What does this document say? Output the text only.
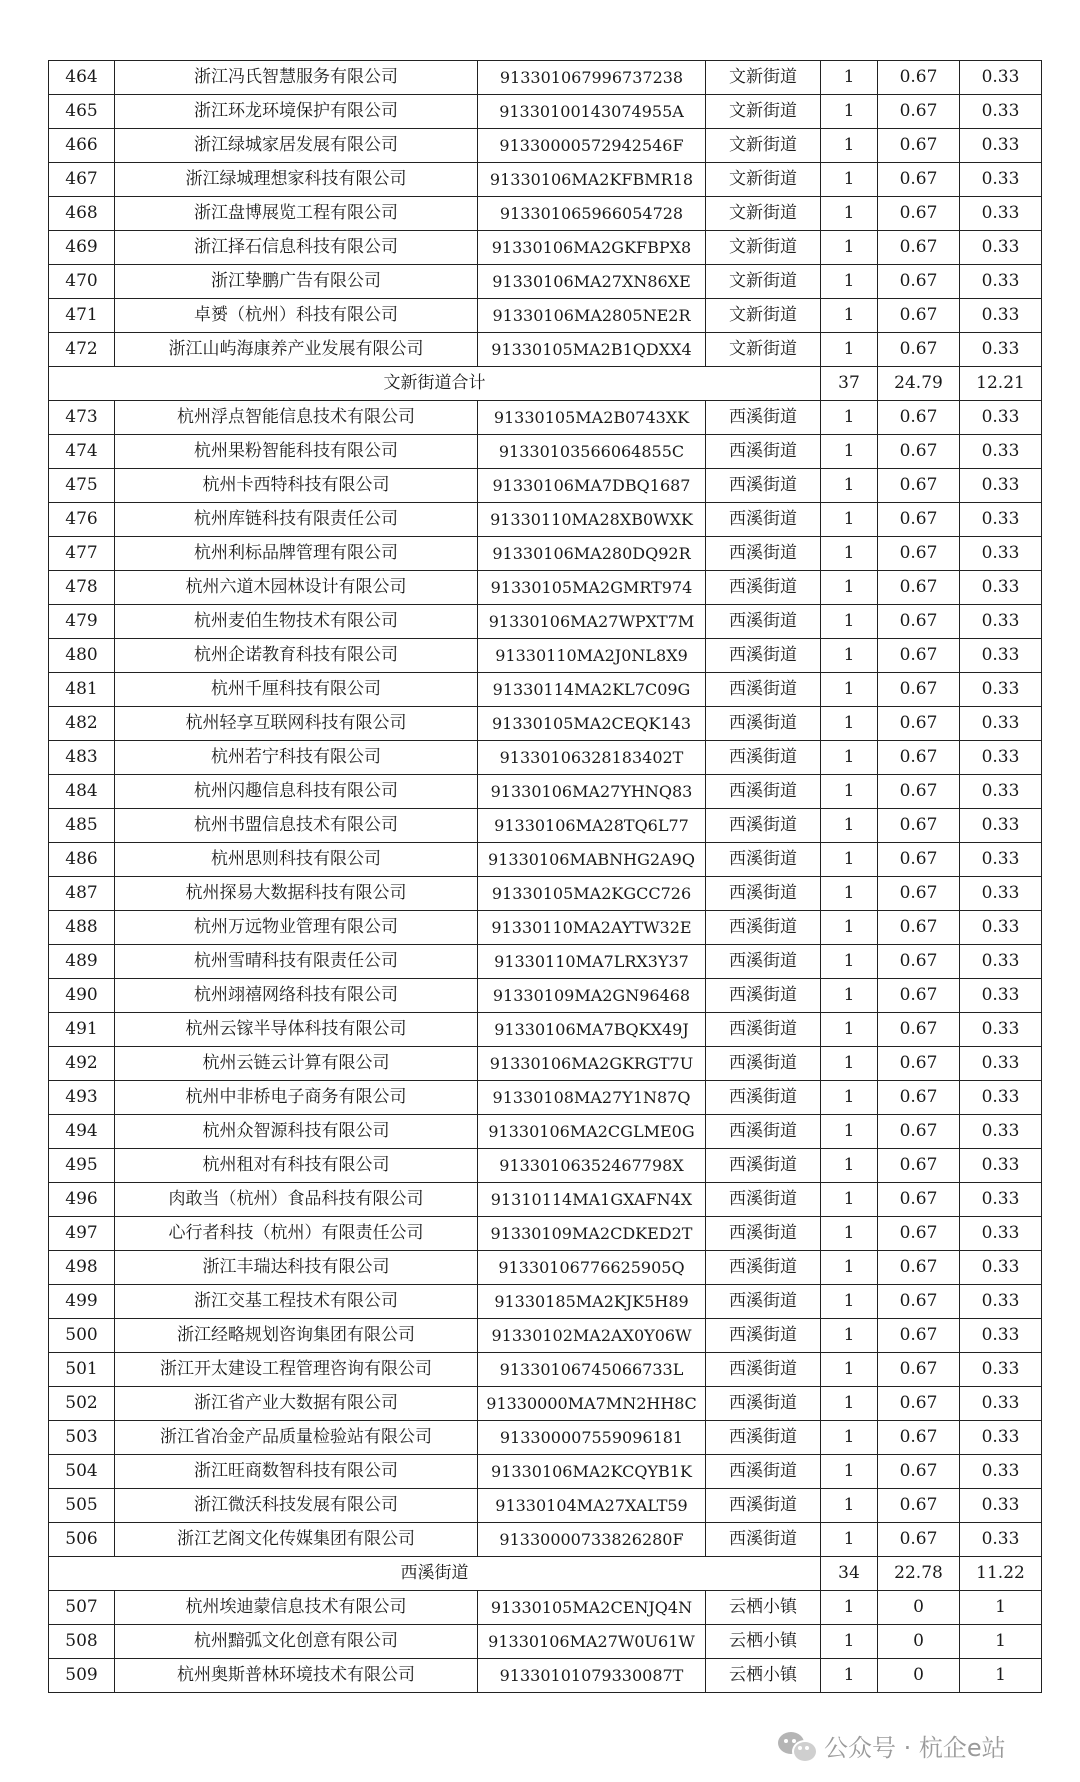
464	浙江冯氏智慧服务有限公司	913301067996737238	文新街道	1	0.67	0.33
465	浙江环龙环境保护有限公司	91330100143074955A	文新街道	1	0.67	0.33
466	浙江绿城家居发展有限公司	91330000572942546F	文新街道	1	0.67	0.33
467	浙江绿城理想家科技有限公司	91330106MA2KFBMR18	文新街道	1	0.67	0.33
468	浙江盘博展览工程有限公司	913301065966054728	文新街道	1	0.67	0.33
469	浙江择石信息科技有限公司	91330106MA2GKFBPX8	文新街道	1	0.67	0.33
470	浙江挚鹏广告有限公司	91330106MA27XN86XE	文新街道	1	0.67	0.33
471	卓赟（杭州）科技有限公司	91330106MA2805NE2R	文新街道	1	0.67	0.33
472	浙江山屿海康养产业发展有限公司	91330105MA2B1QDXX4	文新街道	1	0.67	0.33
文新街道合计				37	24.79	12.21
473	杭州浮点智能信息技术有限公司	91330105MA2B0743XK	西溪街道	1	0.67	0.33
474	杭州果粉智能科技有限公司	91330103566064855C	西溪街道	1	0.67	0.33
475	杭州卡西特科技有限公司	91330106MA7DBQ1687	西溪街道	1	0.67	0.33
476	杭州库链科技有限责任公司	91330110MA28XB0WXK	西溪街道	1	0.67	0.33
477	杭州利标品牌管理有限公司	91330106MA280DQ92R	西溪街道	1	0.67	0.33
478	杭州六道木园林设计有限公司	91330105MA2GMRT974	西溪街道	1	0.67	0.33
479	杭州麦伯生物技术有限公司	91330106MA27WPXT7M	西溪街道	1	0.67	0.33
480	杭州企诺教育科技有限公司	91330110MA2J0NL8X9	西溪街道	1	0.67	0.33
481	杭州千厘科技有限公司	91330114MA2KL7C09G	西溪街道	1	0.67	0.33
482	杭州轻享互联网科技有限公司	91330105MA2CEQK143	西溪街道	1	0.67	0.33
483	杭州若宁科技有限公司	91330106328183402T	西溪街道	1	0.67	0.33
484	杭州闪趣信息科技有限公司	91330106MA27YHNQ83	西溪街道	1	0.67	0.33
485	杭州书盟信息技术有限公司	91330106MA28TQ6L77	西溪街道	1	0.67	0.33
486	杭州思则科技有限公司	91330106MABNHG2A9Q	西溪街道	1	0.67	0.33
487	杭州探易大数据科技有限公司	91330105MA2KGCC726	西溪街道	1	0.67	0.33
488	杭州万远物业管理有限公司	91330110MA2AYTW32E	西溪街道	1	0.67	0.33
489	杭州雪晴科技有限责任公司	91330110MA7LRX3Y37	西溪街道	1	0.67	0.33
490	杭州翊禧网络科技有限公司	91330109MA2GN96468	西溪街道	1	0.67	0.33
491	杭州云镓半导体科技有限公司	91330106MA7BQKX49J	西溪街道	1	0.67	0.33
492	杭州云链云计算有限公司	91330106MA2GKRGT7U	西溪街道	1	0.67	0.33
493	杭州中非桥电子商务有限公司	91330108MA27Y1N87Q	西溪街道	1	0.67	0.33
494	杭州众智源科技有限公司	91330106MA2CGLME0G	西溪街道	1	0.67	0.33
495	杭州租对有科技有限公司	91330106352467798X	西溪街道	1	0.67	0.33
496	肉敢当（杭州）食品科技有限公司	91310114MA1GXAFN4X	西溪街道	1	0.67	0.33
497	心行者科技（杭州）有限责任公司	91330109MA2CDKED2T	西溪街道	1	0.67	0.33
498	浙江丰瑞达科技有限公司	91330106776625905Q	西溪街道	1	0.67	0.33
499	浙江交基工程技术有限公司	91330185MA2KJK5H89	西溪街道	1	0.67	0.33
500	浙江经略规划咨询集团有限公司	91330102MA2AX0Y06W	西溪街道	1	0.67	0.33
501	浙江开太建设工程管理咨询有限公司	91330106745066733L	西溪街道	1	0.67	0.33
502	浙江省产业大数据有限公司	91330000MA7MN2HH8C	西溪街道	1	0.67	0.33
503	浙江省冶金产品质量检验站有限公司	913300007559096181	西溪街道	1	0.67	0.33
504	浙江旺商数智科技有限公司	91330106MA2KCQYB1K	西溪街道	1	0.67	0.33
505	浙江微沃科技发展有限公司	91330104MA27XALT59	西溪街道	1	0.67	0.33
506	浙江艺阁文化传媒集团有限公司	91330000733826280F	西溪街道	1	0.67	0.33
西溪街道				34	22.78	11.22
507	杭州埃迪蒙信息技术有限公司	91330105MA2CENJQ4N	云栖小镇	1	0	1
508	杭州黯弧文化创意有限公司	91330106MA27W0U61W	云栖小镇	1	0	1
509	杭州奥斯普林环境技术有限公司	91330101079330087T	云栖小镇	1	0	1
公众号 · 杭企e站
